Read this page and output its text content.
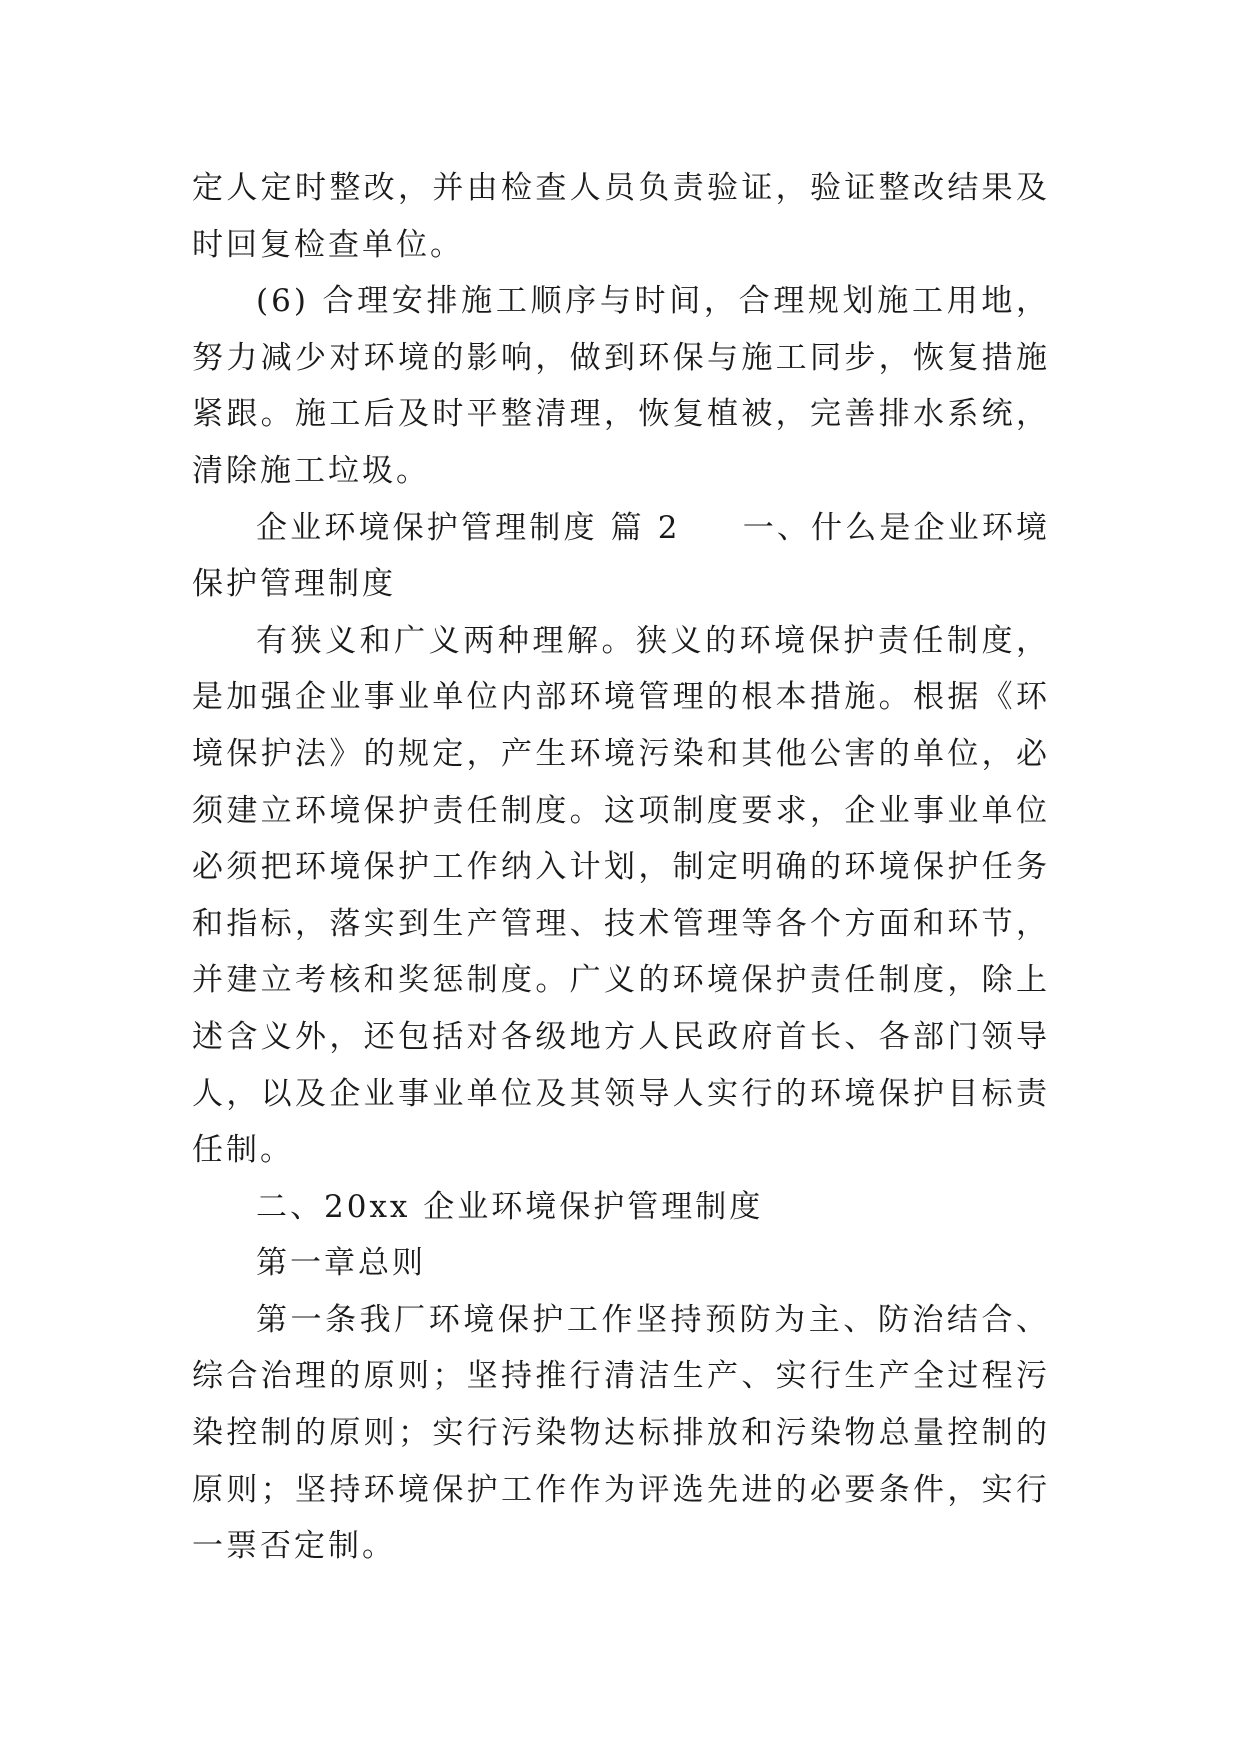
定人定时整改，并由检查人员负责验证，验证整改结果及时回复检查单位。

(6) 合理安排施工顺序与时间，合理规划施工用地，努力减少对环境的影响，做到环保与施工同步，恢复措施紧跟。施工后及时平整清理，恢复植被，完善排水系统，清除施工垃圾。

企业环境保护管理制度 篇 2 一、什么是企业环境保护管理制度

有狭义和广义两种理解。狭义的环境保护责任制度，是加强企业事业单位内部环境管理的根本措施。根据《环境保护法》的规定，产生环境污染和其他公害的单位，必须建立环境保护责任制度。这项制度要求，企业事业单位必须把环境保护工作纳入计划，制定明确的环境保护任务和指标，落实到生产管理、技术管理等各个方面和环节，并建立考核和奖惩制度。广义的环境保护责任制度，除上述含义外，还包括对各级地方人民政府首长、各部门领导人，以及企业事业单位及其领导人实行的环境保护目标责任制。

二、20xx 企业环境保护管理制度

第一章总则

第一条我厂环境保护工作坚持预防为主、防治结合、综合治理的原则；坚持推行清洁生产、实行生产全过程污染控制的原则；实行污染物达标排放和污染物总量控制的原则；坚持环境保护工作作为评选先进的必要条件，实行一票否定制。
